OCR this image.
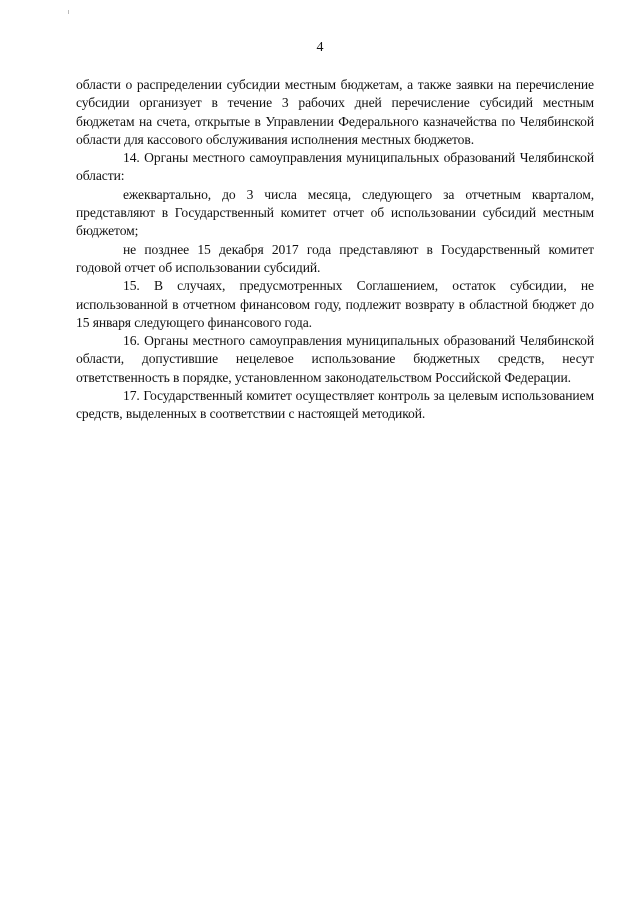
4

области о распределении субсидии местным бюджетам, а также заявки на перечисление субсидии организует в течение 3 рабочих дней перечисление субсидий местным бюджетам на счета, открытые в Управлении Федерального казначейства по Челябинской области для кассового обслуживания исполнения местных бюджетов.

14. Органы местного самоуправления муниципальных образований Челябинской области:

ежеквартально, до 3 числа месяца, следующего за отчетным кварталом, представляют в Государственный комитет отчет об использовании субсидий местным бюджетом;

не позднее 15 декабря 2017 года представляют в Государственный комитет годовой отчет об использовании субсидий.

15. В случаях, предусмотренных Соглашением, остаток субсидии, не использованной в отчетном финансовом году, подлежит возврату в областной бюджет до 15 января следующего финансового года.

16. Органы местного самоуправления муниципальных образований Челябинской области, допустившие нецелевое использование бюджетных средств, несут ответственность в порядке, установленном законодательством Российской Федерации.

17. Государственный комитет осуществляет контроль за целевым использованием средств, выделенных в соответствии с настоящей методикой.
